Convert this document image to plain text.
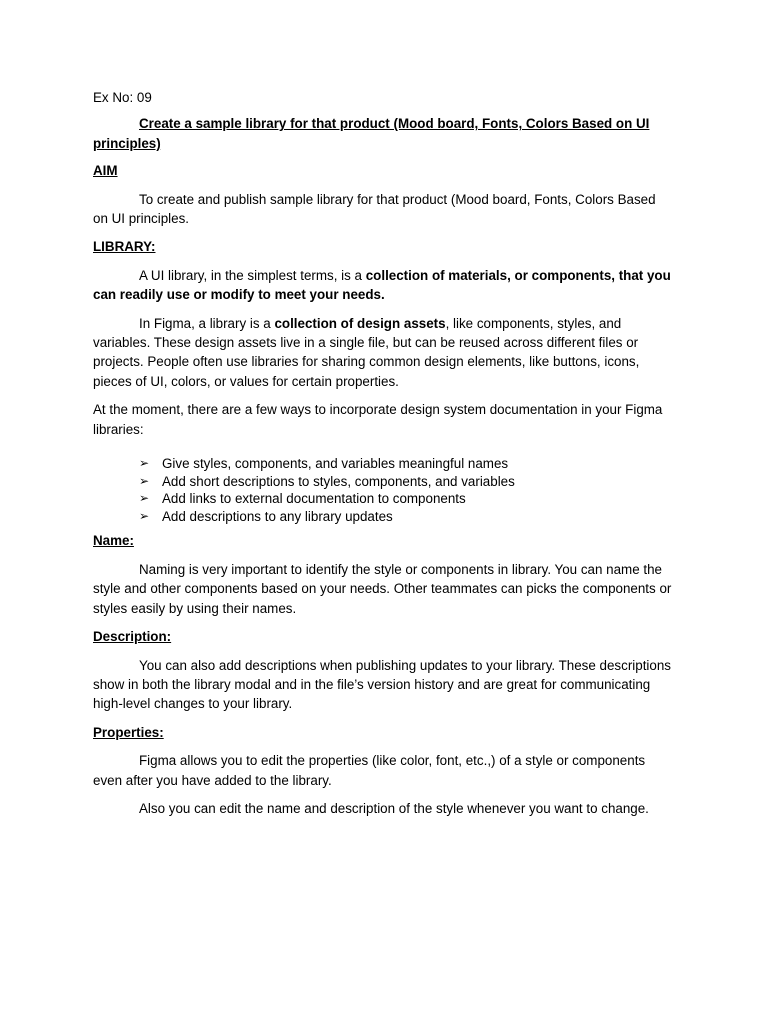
Ex No: 09

Create a sample library for that product (Mood board, Fonts, Colors Based on UI principles)

AIM

To create and publish sample library for that product (Mood board, Fonts, Colors Based on UI principles.

LIBRARY:

A UI library, in the simplest terms, is a collection of materials, or components, that you can readily use or modify to meet your needs.

In Figma, a library is a collection of design assets, like components, styles, and variables. These design assets live in a single file, but can be reused across different files or projects. People often use libraries for sharing common design elements, like buttons, icons, pieces of UI, colors, or values for certain properties.

At the moment, there are a few ways to incorporate design system documentation in your Figma libraries:

➢ Give styles, components, and variables meaningful names
➢ Add short descriptions to styles, components, and variables
➢ Add links to external documentation to components
➢ Add descriptions to any library updates

Name:

Naming is very important to identify the style or components in library. You can name the style and other components based on your needs. Other teammates can picks the components or styles easily by using their names.

Description:

You can also add descriptions when publishing updates to your library. These descriptions show in both the library modal and in the file’s version history and are great for communicating high-level changes to your library.

Properties:

Figma allows you to edit the properties (like color, font, etc.,) of a style or components even after you have added to the library.

Also you can edit the name and description of the style whenever you want to change.
